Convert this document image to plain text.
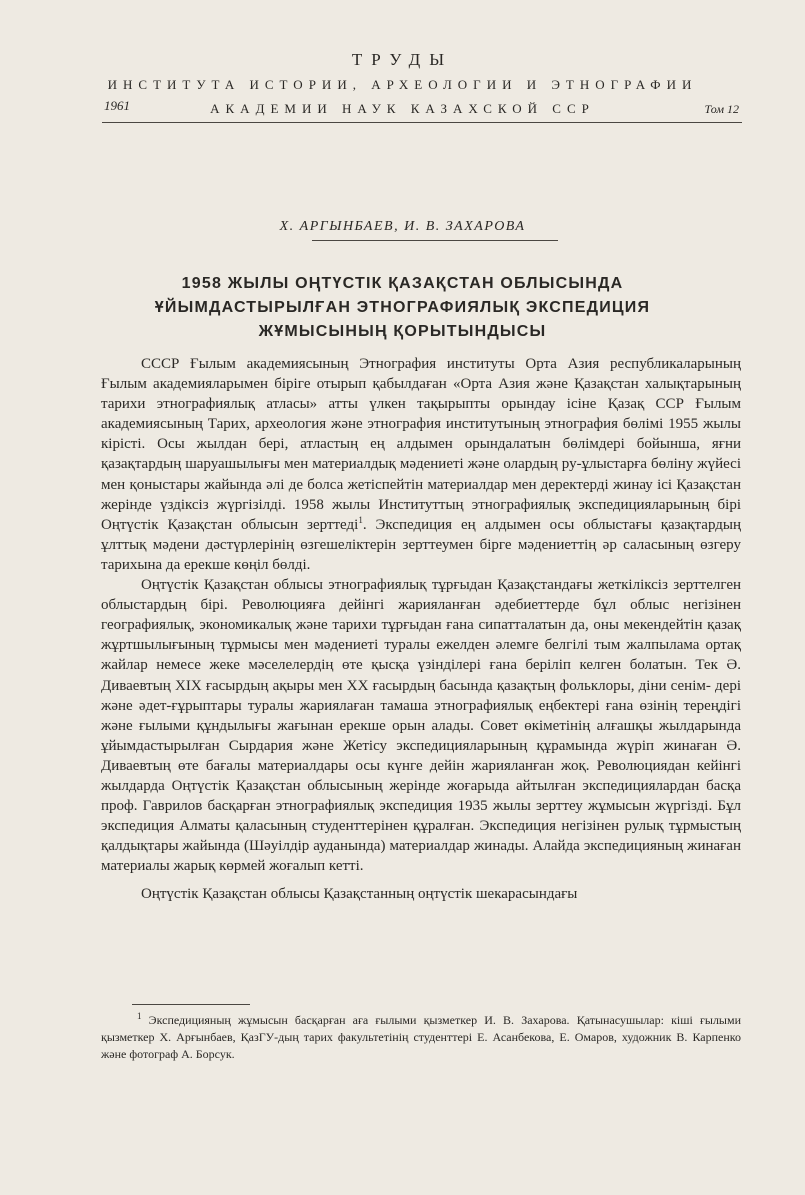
ТРУДЫ
ИНСТИТУТА ИСТОРИИ, АРХЕОЛОГИИ И ЭТНОГРАФИИ
1961	АКАДЕМИИ НАУК КАЗАХСКОЙ ССР	Том 12
Х. АРГЫНБАЕВ, И. В. ЗАХАРОВА
1958 ЖЫЛЫ ОҢТҮСТІК ҚАЗАҚСТАН ОБЛЫСЫНДА
ҰЙЫМДАСТЫРЫЛҒАН ЭТНОГРАФИЯЛЫҚ ЭКСПЕДИЦИЯ
ЖҰМЫСЫНЫҢ ҚОРЫТЫНДЫСЫ

СССР Ғылым академиясының Этнография институты Орта Азия республикаларының Ғылым академияларымен бірігe отырып қабылдаған «Орта Азия және Қазақстан халықтарының тарихи этнографиялық атласы» атты үлкен тақырыпты орындау ісіне Қазақ ССР Ғылым академиясының Тарих, археология және этнография институтының этнография бөлімі 1955 жылы кірісті. Осы жылдан бері, атластың ең алдымен орындалатын бөлімдері бойынша, яғни қазақтардың шаруашылығы мен материалдық мәдениеті және олардың ру-ұлыстарға бөліну жүйесі мен қоныстары жайында әлі де болса жетіспейтін материалдар мен деректерді жинау ісі Қазақстан жерінде үздіксіз жүргізілді. 1958 жылы Институттың этнографиялық экспедицияларының бірі Оңтүстік Қазақстан облысын зерттеді$^1$. Экспедиция ең алдымен осы облыстағы қазақтардың ұлттық мәдени дәстүрлерінің өзгешеліктерін зерттеумен бірге мәдениеттің әр саласының өзгеру тарихына да ерекше көңіл бөлді.

Оңтүстік Қазақстан облысы этнографиялық тұрғыдан Қазақстандағы жеткіліксіз зерттелген облыстардың бірі. Революцияға дейінгі жарияланған әдебиеттерде бұл облыс негізінен географиялық, экономикалық және тарихи тұрғыдан ғана сипатталатын да, оны мекендейтін қазақ жұртшылығының тұрмысы мен мәдениеті туралы ежелден әлемге белгілі тым жалпылама ортақ жайлар немесе жеке мәселелердің өте қысқа үзінділері ғана беріліп келген болатын. Тек Ә. Диваевтың XIX ғасырдың ақыры мен XX ғасырдың басында қазақтың фольклоры, діни сенім- дері және әдет-ғұрыптары туралы жариялаған тамаша этнографиялық еңбектері ғана өзінің тереңдігі және ғылыми құндылығы жағынан ерекше орын алады. Совет өкіметінің алғашқы жылдарында ұйымдастырылған Сырдария және Жетісу экспедицияларының құрамында жүріп жинаған Ә. Диваевтың өте бағалы материалдары осы күнге дейін жарияланған жоқ. Революциядан кейінгі жылдарда Оңтүстік Қазақстан облысының жерінде жоғарыда айтылған экспедициялардан басқа проф. Гаврилов басқарған этнографиялық экспедиция 1935 жылы зерттеу жұмысын жүргізді. Бұл экспедиция Алматы қаласының студенттерінен құралған. Экспедиция негізінен рулық тұрмыстың қалдықтары жайында (Шәуілдір ауданында) материалдар жинады. Алайда экспедицияның жинаған материалы жарық көрмей жоғалып кетті.

Оңтүстік Қазақстан облысы Қазақстанның оңтүстік шекарасындағы

$^1$ Экспедицияның жұмысын басқарған аға ғылыми қызметкер И. В. Захарова. Қатынасушылар: кіші ғылыми қызметкер Х. Арғынбаев, ҚазГУ-дың тарих факультетінің студенттері Е. Асанбекова, Е. Омаров, художник В. Карпенко және фотограф А. Борсук.
